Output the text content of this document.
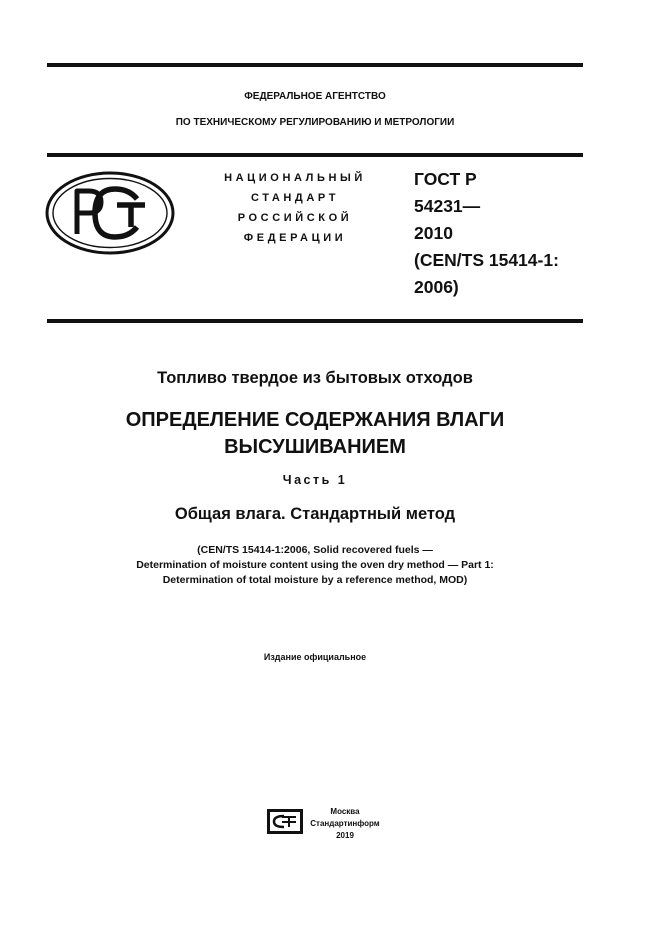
ФЕДЕРАЛЬНОЕ АГЕНТСТВО
ПО ТЕХНИЧЕСКОМУ РЕГУЛИРОВАНИЮ И МЕТРОЛОГИИ
НАЦИОНАЛЬНЫЙ
СТАНДАРТ
РОССИЙСКОЙ
ФЕДЕРАЦИИ
ГОСТ Р
54231—
2010
(CEN/TS 15414-1:
2006)
Топливо твердое из бытовых отходов
ОПРЕДЕЛЕНИЕ СОДЕРЖАНИЯ ВЛАГИ
ВЫСУШИВАНИЕМ
Часть 1
Общая влага. Стандартный метод
(CEN/TS 15414-1:2006, Solid recovered fuels —
Determination of moisture content using the oven dry method — Part 1:
Determination of total moisture by a reference method, MOD)
Издание официальное
Москва
Стандартинформ
2019
